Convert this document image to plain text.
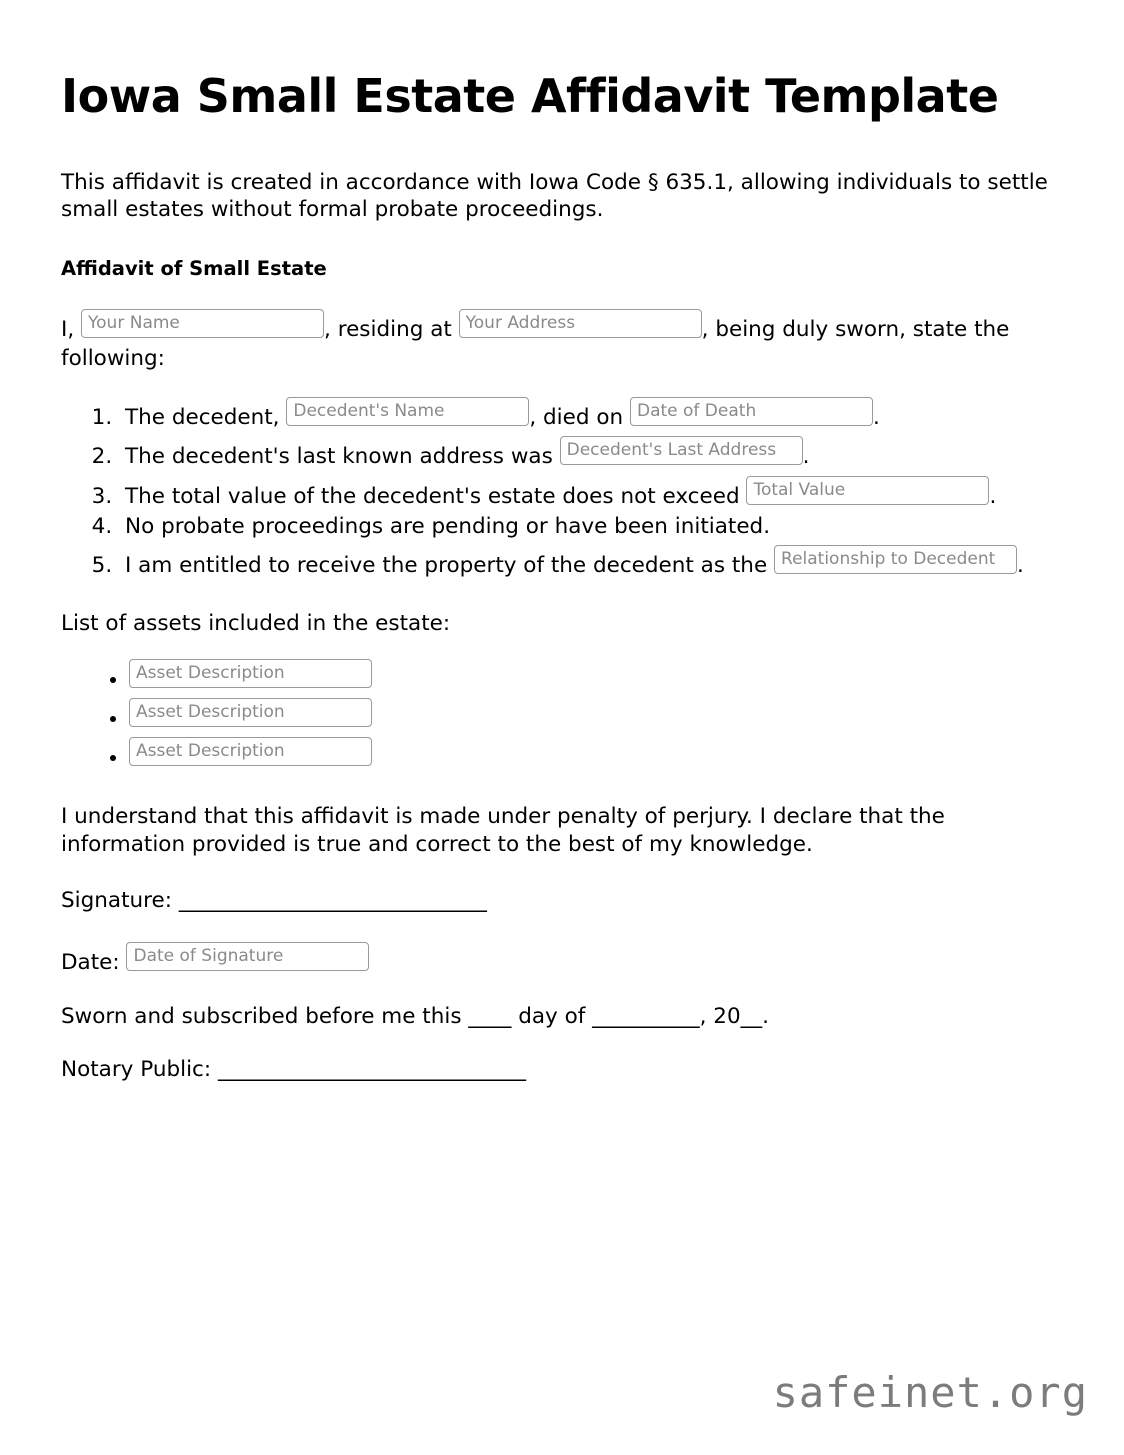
Iowa Small Estate Affidavit Template

This affidavit is created in accordance with Iowa Code § 635.1, allowing individuals to settle small estates without formal probate proceedings.

Affidavit of Small Estate

I, Your Name	, residing at Your Address	, being duly sworn, state the following:

1. The decedent, Decedent's Name	, died on Date of Death	.
2. The decedent's last known address was Decedent's Last Address .
3. The total value of the decedent's estate does not exceed Total Value	.
4. No probate proceedings are pending or have been initiated.
5. I am entitled to receive the property of the decedent as the Relationship to Decedent .

List of assets included in the estate:

• Asset Description
• Asset Description
• Asset Description

I understand that this affidavit is made under penalty of perjury. I declare that the information provided is true and correct to the best of my knowledge.

Signature: ______________________________
Date: Date of Signature
Sworn and subscribed before me this ____ day of __________, 20__.
Notary Public: ______________________________
safeinet.org
